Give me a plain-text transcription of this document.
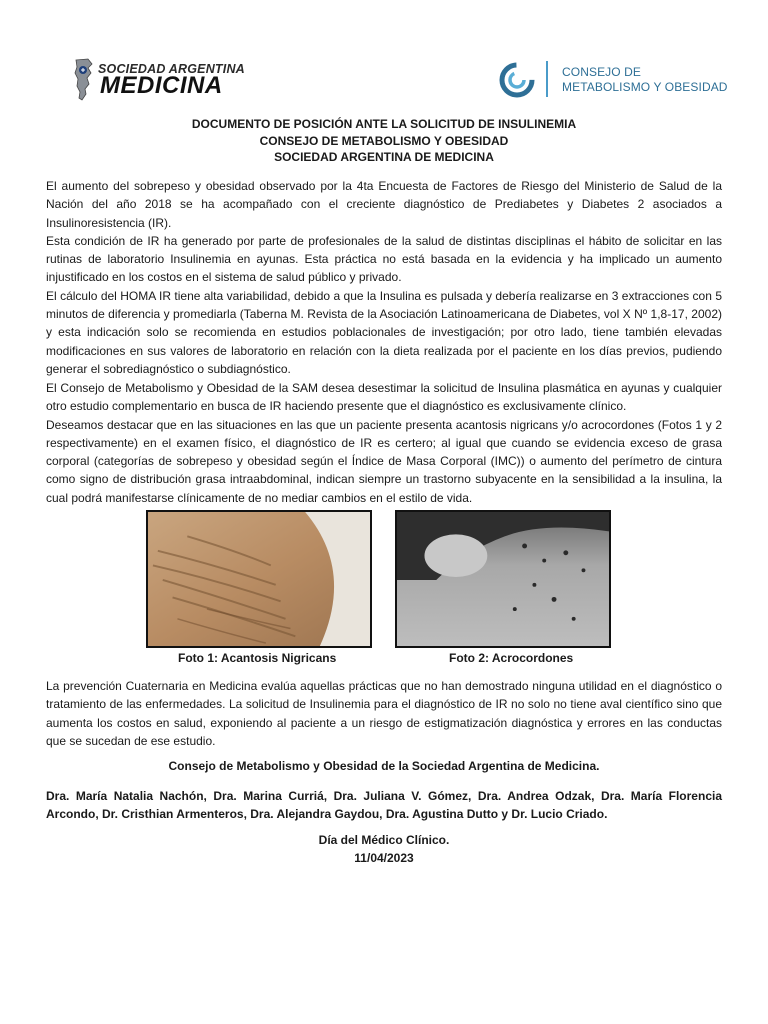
SOCIEDAD ARGENTINA
MEDICINA	CONSEJO DE
METABOLISMO Y OBESIDAD
DOCUMENTO DE POSICIÓN ANTE LA SOLICITUD DE INSULINEMIA
CONSEJO DE METABOLISMO Y OBESIDAD
SOCIEDAD ARGENTINA DE MEDICINA

El aumento del sobrepeso y obesidad observado por la 4ta Encuesta de Factores de Riesgo del Ministerio de Salud de la Nación del año 2018 se ha acompañado con el creciente diagnóstico de Prediabetes y Diabetes 2 asociados a Insulinoresistencia (IR).

Esta condición de IR ha generado por parte de profesionales de la salud de distintas disciplinas el hábito de solicitar en las rutinas de laboratorio Insulinemia en ayunas. Esta práctica no está basada en la evidencia y ha implicado un aumento injustificado en los costos en el sistema de salud público y privado.

El cálculo del HOMA IR tiene alta variabilidad, debido a que la Insulina es pulsada y debería realizarse en 3 extracciones con 5 minutos de diferencia y promediarla (Taberna M. Revista de la Asociación Latinoamericana de Diabetes, vol X Nº 1,8-17, 2002) y esta indicación solo se recomienda en estudios poblacionales de investigación; por otro lado, tiene también elevadas modificaciones en sus valores de laboratorio en relación con la dieta realizada por el paciente en los días previos, pudiendo generar el sobrediagnóstico o subdiagnóstico.

El Consejo de Metabolismo y Obesidad de la SAM desea desestimar la solicitud de Insulina plasmática en ayunas y cualquier otro estudio complementario en busca de IR haciendo presente que el diagnóstico es exclusivamente clínico.

Deseamos destacar que en las situaciones en las que un paciente presenta acantosis nigricans y/o acrocordones (Fotos 1 y 2 respectivamente) en el examen físico, el diagnóstico de IR es certero; al igual que cuando se evidencia exceso de grasa corporal (categorías de sobrepeso y obesidad según el Índice de Masa Corporal (IMC)) o aumento del perímetro de cintura como signo de distribución grasa intraabdominal, indican siempre un trastorno subyacente en la sensibilidad a la insulina, la cual podrá manifestarse clínicamente de no mediar cambios en el estilo de vida.

Foto 1: Acantosis Nigricans	Foto 2: Acrocordones

La prevención Cuaternaria en Medicina evalúa aquellas prácticas que no han demostrado ninguna utilidad en el diagnóstico o tratamiento de las enfermedades. La solicitud de Insulinemia para el diagnóstico de IR no solo no tiene aval científico sino que aumenta los costos en salud, exponiendo al paciente a un riesgo de estigmatización diagnóstica y errores en las conductas que se sucedan de ese estudio.

Consejo de Metabolismo y Obesidad de la Sociedad Argentina de Medicina.
Dra. María Natalia Nachón, Dra. Marina Curriá, Dra. Juliana V. Gómez, Dra. Andrea Odzak, Dra. María Florencia Arcondo, Dr. Cristhian Armenteros, Dra. Alejandra Gaydou, Dra. Agustina Dutto y Dr. Lucio Criado.
Día del Médico Clínico.
11/04/2023
